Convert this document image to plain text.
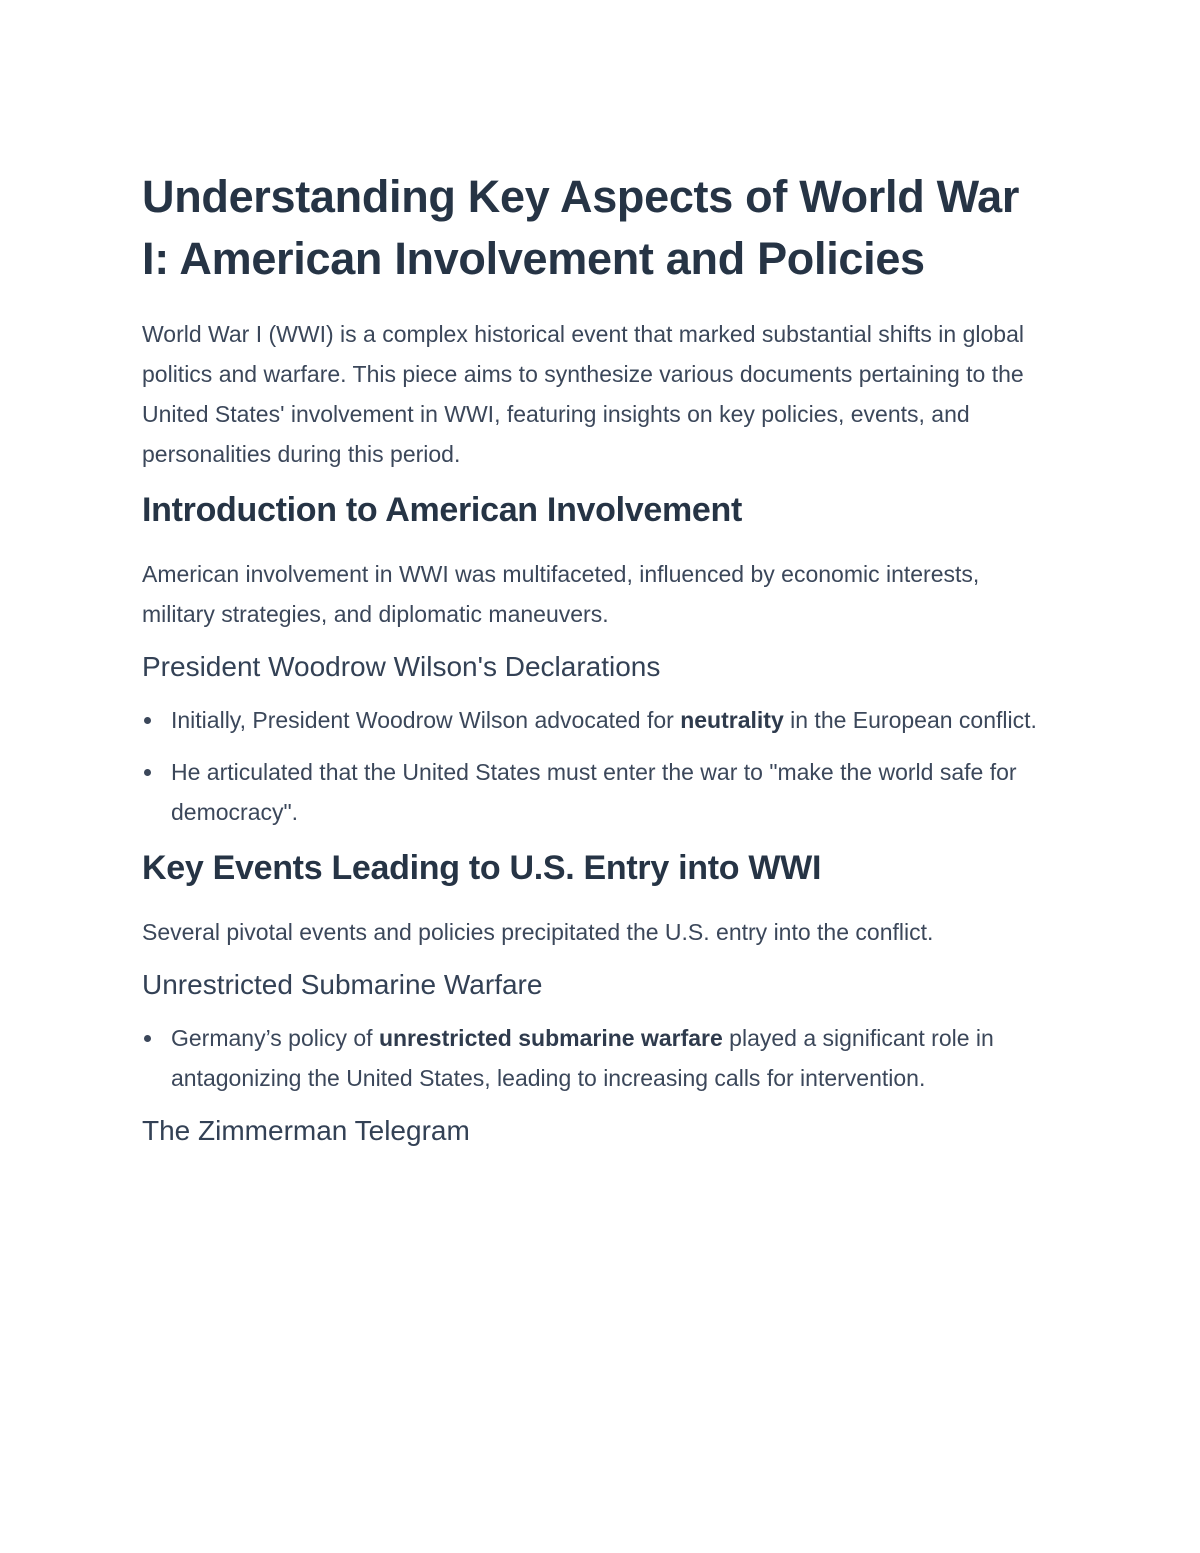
Understanding Key Aspects of World War I: American Involvement and Policies

World War I (WWI) is a complex historical event that marked substantial shifts in global politics and warfare. This piece aims to synthesize various documents pertaining to the United States' involvement in WWI, featuring insights on key policies, events, and personalities during this period.

Introduction to American Involvement

American involvement in WWI was multifaceted, influenced by economic interests, military strategies, and diplomatic maneuvers.

President Woodrow Wilson's Declarations
Initially, President Woodrow Wilson advocated for neutrality in the European conflict.
He articulated that the United States must enter the war to "make the world safe for democracy".
Key Events Leading to U.S. Entry into WWI

Several pivotal events and policies precipitated the U.S. entry into the conflict.

Unrestricted Submarine Warfare
Germany’s policy of unrestricted submarine warfare played a significant role in antagonizing the United States, leading to increasing calls for intervention.
The Zimmerman Telegram
